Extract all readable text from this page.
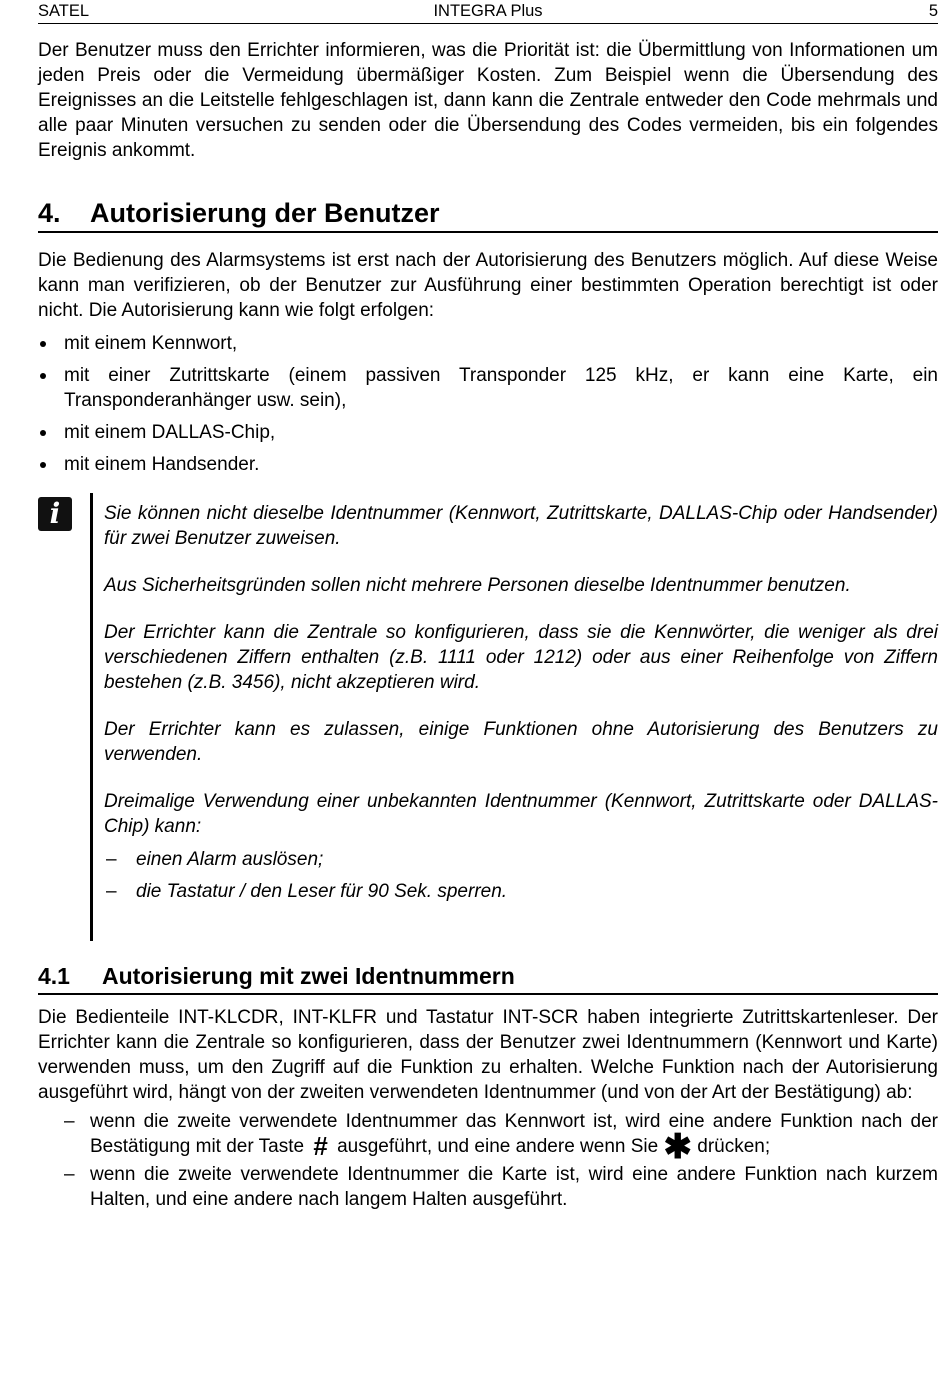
SATEL	INTEGRA Plus	5

Der Benutzer muss den Errichter informieren, was die Priorität ist: die Übermittlung von Informationen um jeden Preis oder die Vermeidung übermäßiger Kosten. Zum Beispiel wenn die Übersendung des Ereignisses an die Leitstelle fehlgeschlagen ist, dann kann die Zentrale entweder den Code mehrmals und alle paar Minuten versuchen zu senden oder die Übersendung des Codes vermeiden, bis ein folgendes Ereignis ankommt.

4. Autorisierung der Benutzer

Die Bedienung des Alarmsystems ist erst nach der Autorisierung des Benutzers möglich. Auf diese Weise kann man verifizieren, ob der Benutzer zur Ausführung einer bestimmten Operation berechtigt ist oder nicht. Die Autorisierung kann wie folgt erfolgen:

mit einem Kennwort,
mit einer Zutrittskarte (einem passiven Transponder 125 kHz, er kann eine Karte, ein Transponderanhänger usw. sein),
mit einem DALLAS-Chip,
mit einem Handsender.
i	Sie können nicht dieselbe Identnummer (Kennwort, Zutrittskarte, DALLAS-Chip oder Handsender) für zwei Benutzer zuweisen.

Aus Sicherheitsgründen sollen nicht mehrere Personen dieselbe Identnummer benutzen.

Der Errichter kann die Zentrale so konfigurieren, dass sie die Kennwörter, die weniger als drei verschiedenen Ziffern enthalten (z.B. 1111 oder 1212) oder aus einer Reihenfolge von Ziffern bestehen (z.B. 3456), nicht akzeptieren wird.

Der Errichter kann es zulassen, einige Funktionen ohne Autorisierung des Benutzers zu verwenden.

Dreimalige Verwendung einer unbekannten Identnummer (Kennwort, Zutrittskarte oder DALLAS-Chip) kann:

– einen Alarm auslösen;
– die Tastatur / den Leser für 90 Sek. sperren.
4.1 Autorisierung mit zwei Identnummern

Die Bedienteile INT-KLCDR, INT-KLFR und Tastatur INT-SCR haben integrierte Zutrittskartenleser. Der Errichter kann die Zentrale so konfigurieren, dass der Benutzer zwei Identnummern (Kennwort und Karte) verwenden muss, um den Zugriff auf die Funktion zu erhalten. Welche Funktion nach der Autorisierung ausgeführt wird, hängt von der zweiten verwendeten Identnummer (und von der Art der Bestätigung) ab:

– wenn die zweite verwendete Identnummer das Kennwort ist, wird eine andere Funktion nach der Bestätigung mit der Taste # ausgeführt, und eine andere wenn Sie ✱ drücken;
– wenn die zweite verwendete Identnummer die Karte ist, wird eine andere Funktion nach kurzem Halten, und eine andere nach langem Halten ausgeführt.
